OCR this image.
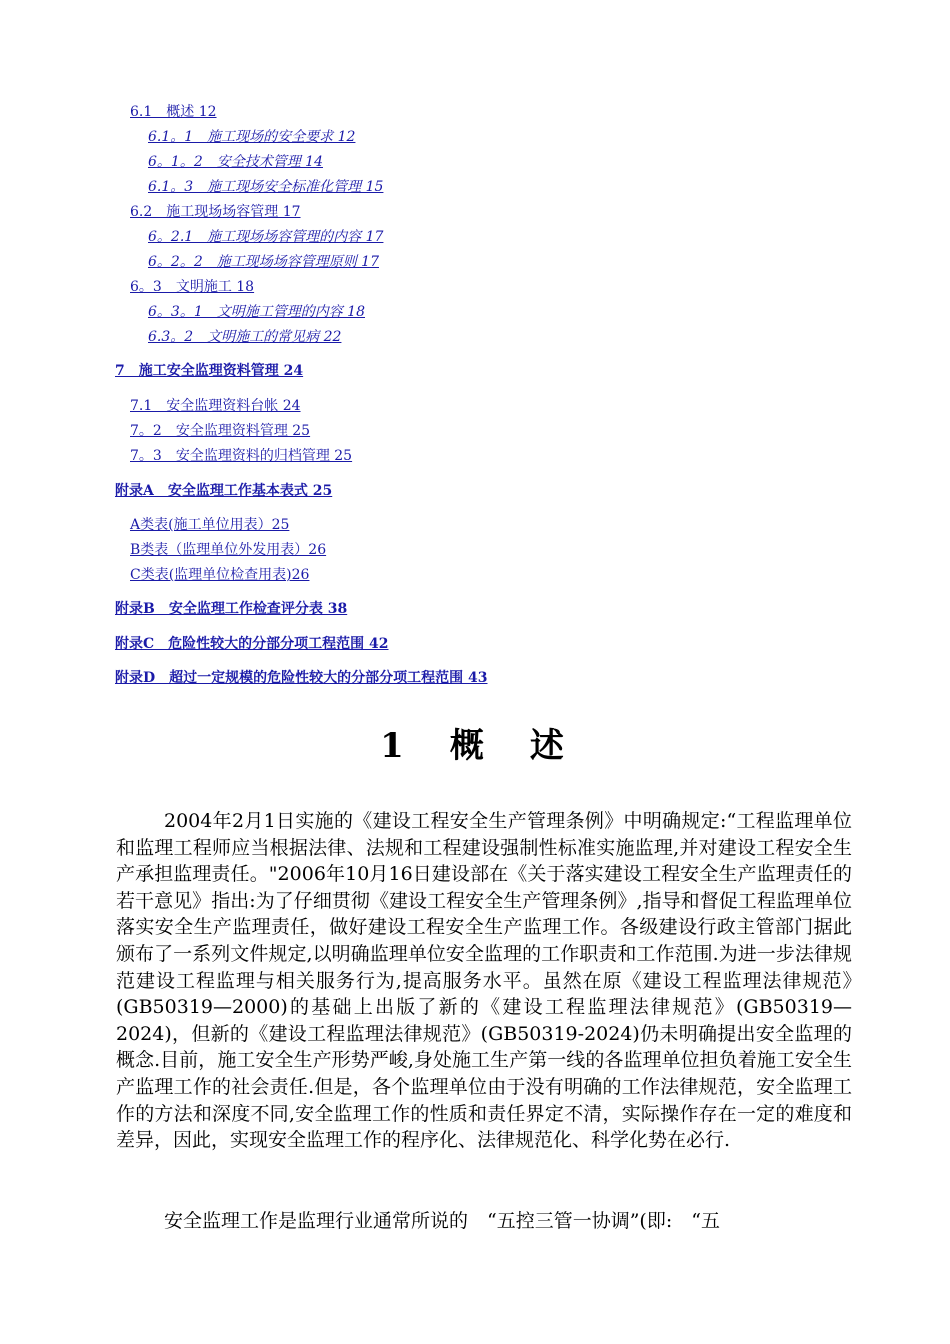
6.1　概述 12
6.1。1　施工现场的安全要求 12
6。1。2　安全技术管理 14
6.1。3　施工现场安全标准化管理 15
6.2　施工现场场容管理 17
6。2.1　施工现场场容管理的内容 17
6。2。2　施工现场场容管理原则 17
6。3　文明施工 18
6。3。1　文明施工管理的内容 18
6.3。2　文明施工的常见病 22
7　施工安全监理资料管理 24
7.1　安全监理资料台帐 24
7。2　安全监理资料管理 25
7。3　安全监理资料的归档管理 25
附录A　安全监理工作基本表式 25
A类表(施工单位用表）25
B类表（监理单位外发用表）26
C类表(监理单位检查用表)26
附录B　安全监理工作检查评分表 38
附录C　危险性较大的分部分项工程范围 42
附录D　超过一定规模的危险性较大的分部分项工程范围 43
1　概　述

2004年2月1日实施的《建设工程安全生产管理条例》中明确规定:“工程监理单位和监理工程师应当根据法律、法规和工程建设强制性标准实施监理,并对建设工程安全生产承担监理责任。"2006年10月16日建设部在《关于落实建设工程安全生产监理责任的若干意见》指出:为了仔细贯彻《建设工程安全生产管理条例》,指导和督促工程监理单位落实安全生产监理责任，做好建设工程安全生产监理工作。各级建设行政主管部门据此颁布了一系列文件规定,以明确监理单位安全监理的工作职责和工作范围.为进一步法律规范建设工程监理与相关服务行为,提高服务水平。虽然在原《建设工程监理法律规范》　(GB50319—2000)的基础上出版了新的《建设工程监理法律规范》(GB50319—2024)，但新的《建设工程监理法律规范》(GB50319-2024)仍未明确提出安全监理的概念.目前，施工安全生产形势严峻,身处施工生产第一线的各监理单位担负着施工安全生产监理工作的社会责任.但是，各个监理单位由于没有明确的工作法律规范，安全监理工作的方法和深度不同,安全监理工作的性质和责任界定不清，实际操作存在一定的难度和差异，因此，实现安全监理工作的程序化、法律规范化、科学化势在必行.

安全监理工作是监理行业通常所说的　“五控三管一协调”(即:　“五
